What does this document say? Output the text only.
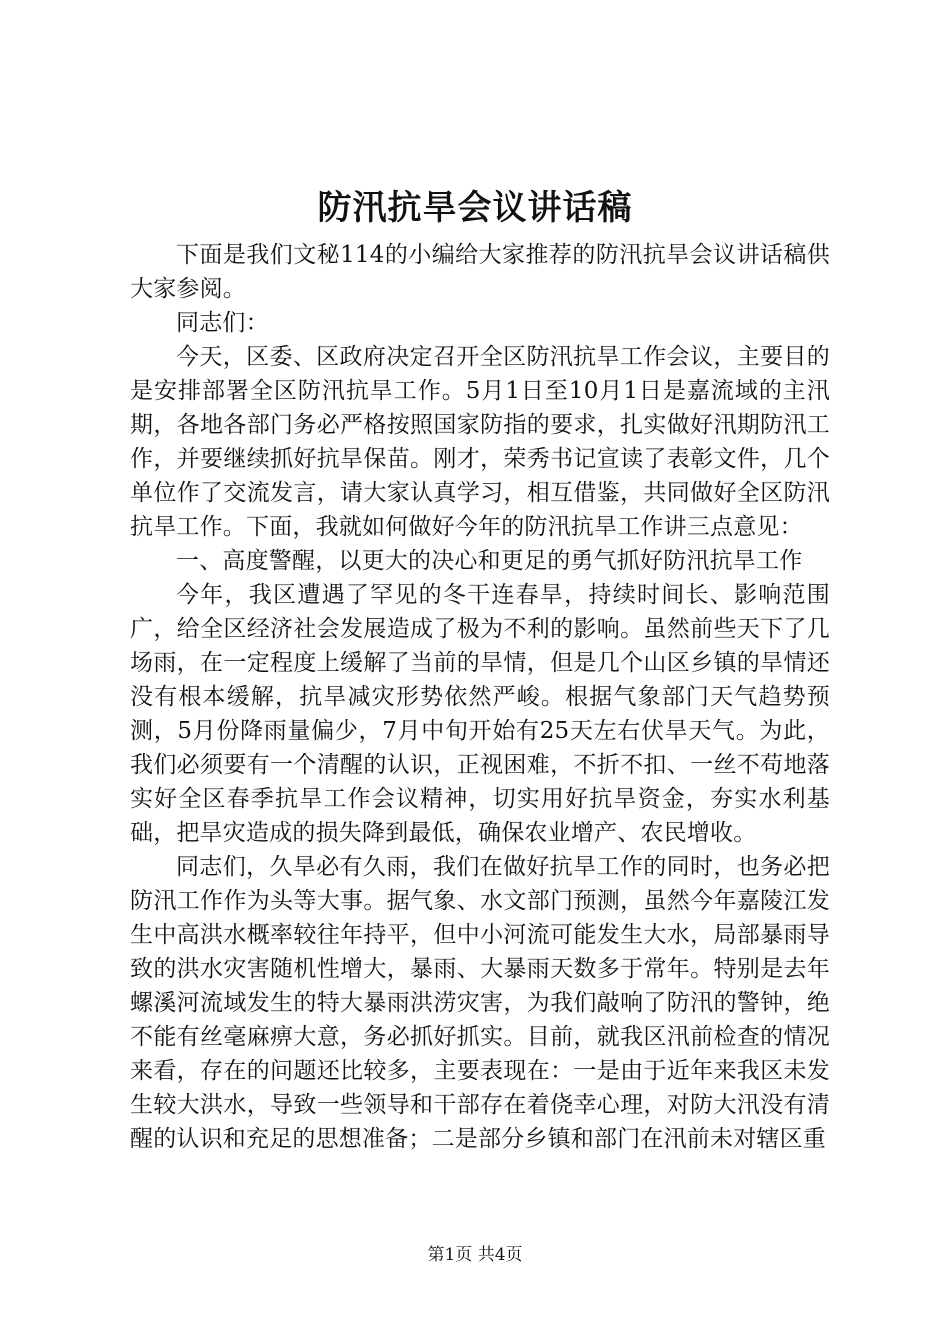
防汛抗旱会议讲话稿

下面是我们文秘114的小编给大家推荐的防汛抗旱会议讲话稿供大家参阅。

同志们：

今天，区委、区政府决定召开全区防汛抗旱工作会议，主要目的是安排部署全区防汛抗旱工作。5月1日至10月1日是嘉流域的主汛期，各地各部门务必严格按照国家防指的要求，扎实做好汛期防汛工作，并要继续抓好抗旱保苗。刚才，荣秀书记宣读了表彰文件，几个单位作了交流发言，请大家认真学习，相互借鉴，共同做好全区防汛抗旱工作。下面，我就如何做好今年的防汛抗旱工作讲三点意见：

一、高度警醒，以更大的决心和更足的勇气抓好防汛抗旱工作

今年，我区遭遇了罕见的冬干连春旱，持续时间长、影响范围广，给全区经济社会发展造成了极为不利的影响。虽然前些天下了几场雨，在一定程度上缓解了当前的旱情，但是几个山区乡镇的旱情还没有根本缓解，抗旱减灾形势依然严峻。根据气象部门天气趋势预测，5月份降雨量偏少，7月中旬开始有25天左右伏旱天气。为此，我们必须要有一个清醒的认识，正视困难，不折不扣、一丝不苟地落实好全区春季抗旱工作会议精神，切实用好抗旱资金，夯实水利基础，把旱灾造成的损失降到最低，确保农业增产、农民增收。

同志们，久旱必有久雨，我们在做好抗旱工作的同时，也务必把防汛工作作为头等大事。据气象、水文部门预测，虽然今年嘉陵江发生中高洪水概率较往年持平，但中小河流可能发生大水，局部暴雨导致的洪水灾害随机性增大，暴雨、大暴雨天数多于常年。特别是去年螺溪河流域发生的特大暴雨洪涝灾害，为我们敲响了防汛的警钟，绝不能有丝毫麻痹大意，务必抓好抓实。目前，就我区汛前检查的情况来看，存在的问题还比较多，主要表现在：一是由于近年来我区未发生较大洪水，导致一些领导和干部存在着侥幸心理，对防大汛没有清醒的认识和充足的思想准备；二是部分乡镇和部门在汛前未对辖区重

第1页 共4页
